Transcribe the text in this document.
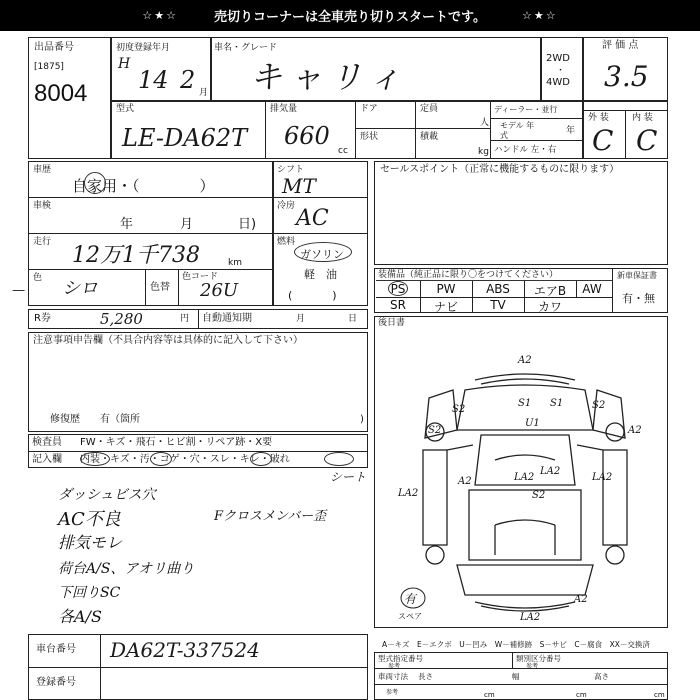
☆★☆	売切りコーナーは全車売り切りスタートです。	☆★☆
出品番号
[1875]
8004
初度登録年月
H
14 2 月
車名・グレード
キャリィ	2WD
・
4WD
評 価 点
3.5
型式
LE-DA62T
排気量
660
cc
ドア	定員
人
形状	積載
kg
ディーラー・並行
モデル 年式	年
ハンドル 左・右
外 装	内 装
C C
車歴
自家用・（　　　　）
車検
年	月	日)
走行
12万1千738	km
色 シロ	色替
色コード
26U
シフト
MT
冷房 AC
燃料
ガソリン
軽　油
(　　)
セールスポイント（正常に機能するものに限ります）
装備品（純正品に限り〇をつけてください）	新車保証書
有・無
PS	PW	ABS	エアB	AW
SR	ナビ	TV	カワ
R券	5,280	円 自動通知期	月	日 後日書
注意事項申告欄（不具合内容等は具体的に記入して下さい）
修復歴　　有（箇所	)
検査員
記入欄
FW・キズ・飛石・ヒビ割・リペア跡・X要
内装・キズ・汚・コゲ・穴・スレ・キレ・破れ
ダッシュビス穴
AC不良
排気モレ
荷台A/S、アオリ曲り
下回りSC
各A/S
Fクロスメンバー歪
シート
車台番号 DA62T-337524
登録番号
A－キズ　E－エクボ　U－凹み　W－補修跡　S－サビ　C－腐食　XX－交換済
型式指定番号
参考
類別区分番号
参考
車両寸法
参考
長さ	幅	高さ
cm	cm	cm
有
スペア
A2
S2	S2
S1 S1
U1
S2	A2
LA2
LA2
A2
S2
LA2
LA2
LA2
A2
